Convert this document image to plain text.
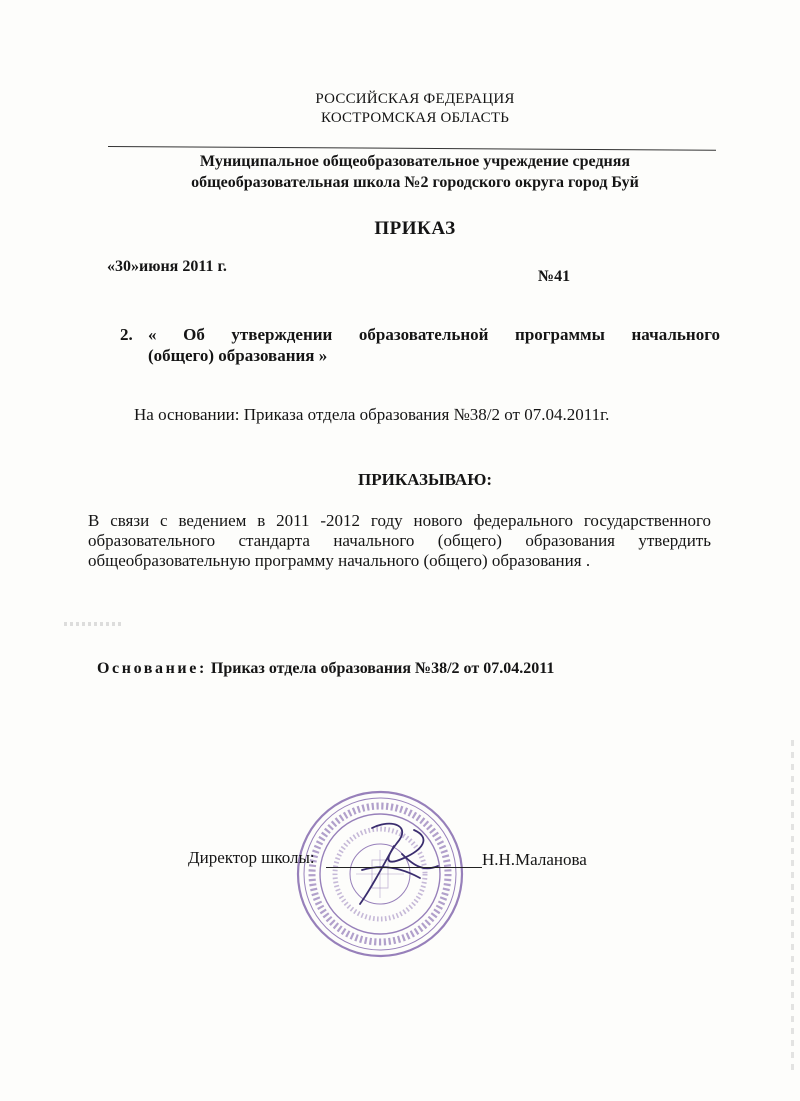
РОССИЙСКАЯ ФЕДЕРАЦИЯ
КОСТРОМСКАЯ ОБЛАСТЬ
Муниципальное общеобразовательное учреждение средняя
общеобразовательная школа №2 городского округа город Буй
ПРИКАЗ
«30»июня 2011 г.
№41
2. « Об утверждении образовательной программы начального
(общего) образования »
На основании: Приказа отдела образования №38/2 от 07.04.2011г.
ПРИКАЗЫВАЮ:
В связи с ведением в 2011 -2012 году нового федерального государственного
образовательного стандарта начального (общего) образования утвердить
общеобразовательную программу начального (общего) образования .
Основание: Приказ отдела образования №38/2 от 07.04.2011
Директор школы:	Н.Н.Маланова
